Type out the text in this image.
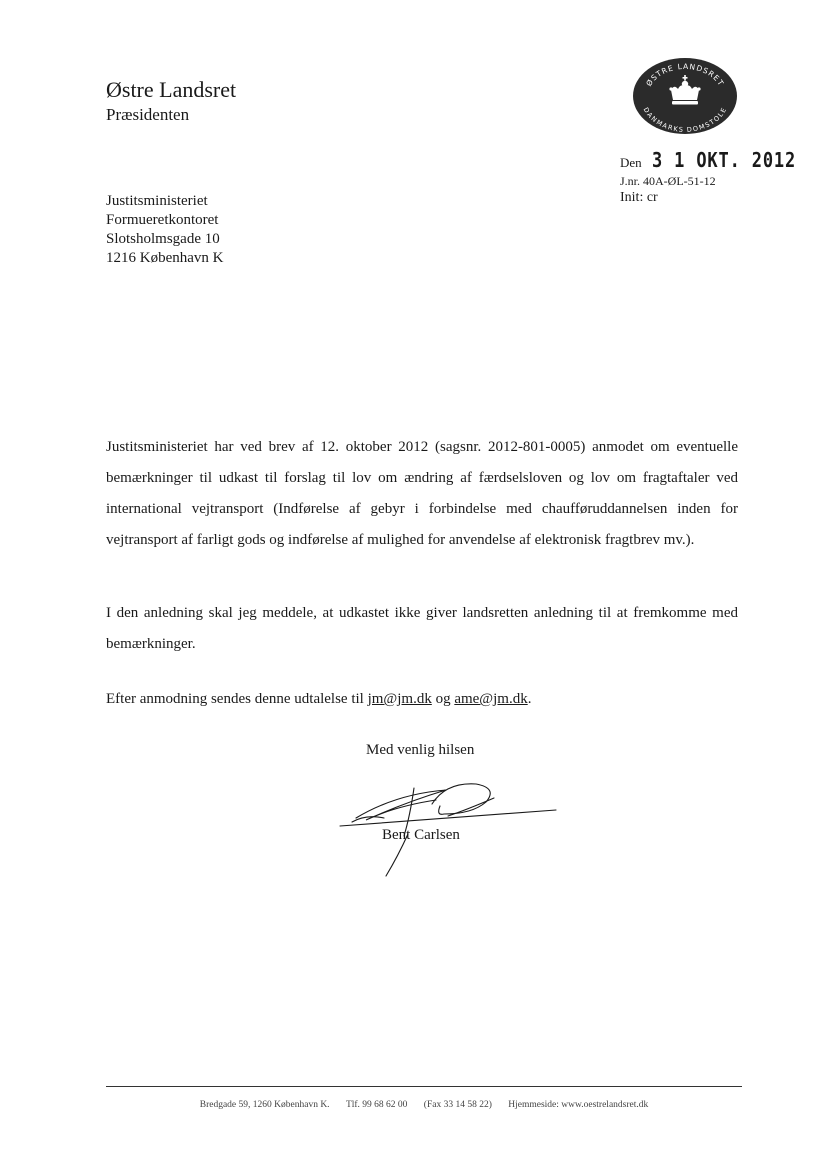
Østre Landsret
Præsidenten
ØSTRE LANDSRET
DANMARKS DOMSTOLE
Den 3 1 OKT. 2012
J.nr. 40A-ØL-51-12
Init: cr
Justitsministeriet
Formueretkontoret
Slotsholmsgade 10
1216 København K
Justitsministeriet har ved brev af 12. oktober 2012 (sagsnr. 2012-801-0005) anmodet om eventuelle bemærkninger til udkast til forslag til lov om ændring af færdselsloven og lov om fragtaftaler ved international vejtransport (Indførelse af gebyr i forbindelse med chaufføruddannelsen inden for vejtransport af farligt gods og indførelse af mulighed for anvendelse af elektronisk fragtbrev mv.).
I den anledning skal jeg meddele, at udkastet ikke giver landsretten anledning til at fremkomme med bemærkninger.
Efter anmodning sendes denne udtalelse til jm@jm.dk og ame@jm.dk.
Med venlig hilsen
Bent Carlsen
Bredgade 59, 1260 København K. Tlf. 99 68 62 00 (Fax 33 14 58 22) Hjemmeside: www.oestrelandsret.dk
